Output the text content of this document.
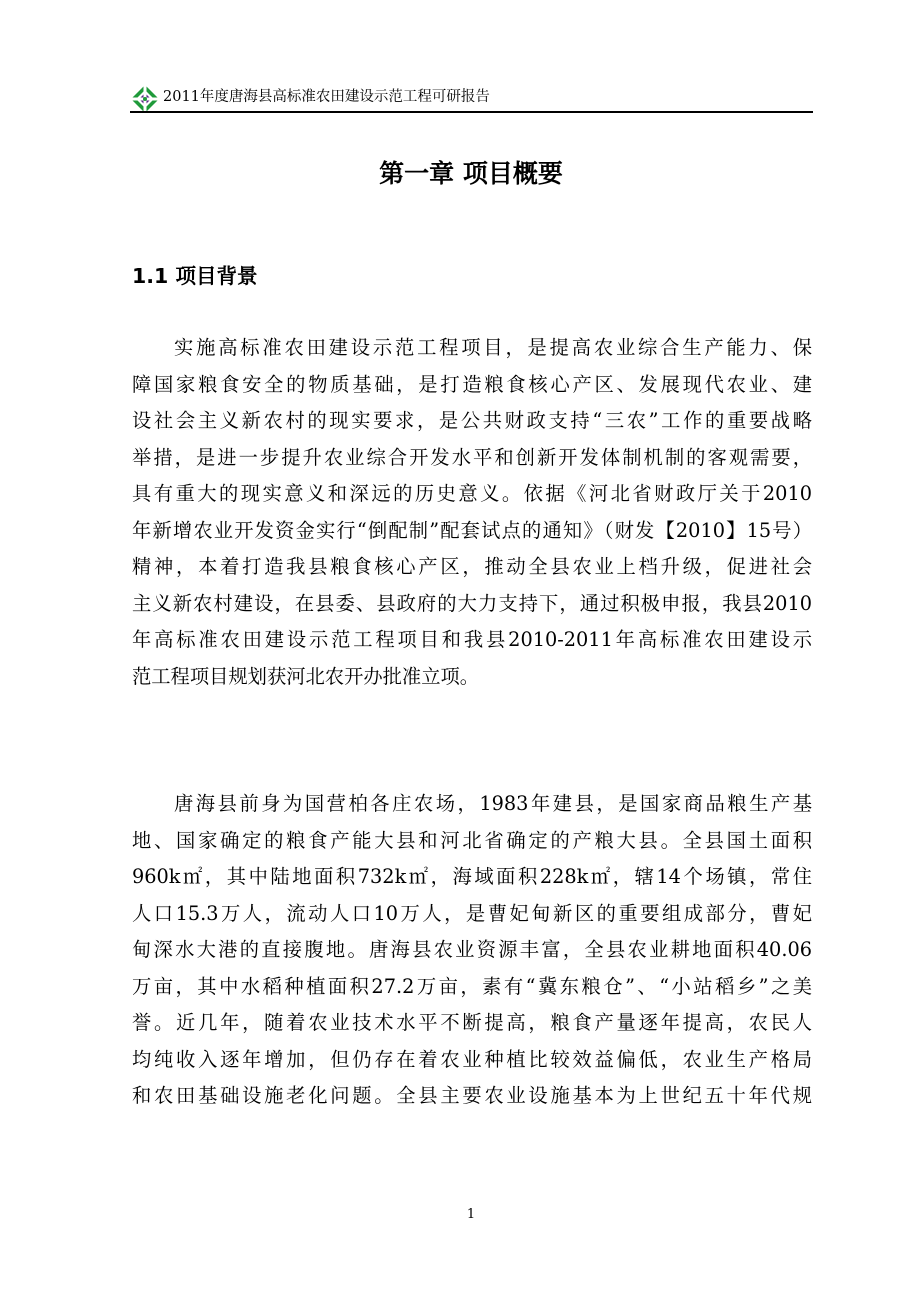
2011年度唐海县高标准农田建设示范工程可研报告
第一章 项目概要
1.1 项目背景
实施高标准农田建设示范工程项目，是提高农业综合生产能力、保
障国家粮食安全的物质基础，是打造粮食核心产区、发展现代农业、建
设社会主义新农村的现实要求，是公共财政支持“三农”工作的重要战略
举措，是进一步提升农业综合开发水平和创新开发体制机制的客观需要，
具有重大的现实意义和深远的历史意义。依据《河北省财政厅关于2010
年新增农业开发资金实行“倒配制”配套试点的通知》（财发【2010】15号）
精神，本着打造我县粮食核心产区，推动全县农业上档升级，促进社会
主义新农村建设，在县委、县政府的大力支持下，通过积极申报，我县2010
年高标准农田建设示范工程项目和我县2010-2011年高标准农田建设示
范工程项目规划获河北农开办批准立项。
唐海县前身为国营柏各庄农场，1983年建县，是国家商品粮生产基
地、国家确定的粮食产能大县和河北省确定的产粮大县。全县国土面积
960k㎡，其中陆地面积732k㎡，海域面积228k㎡，辖14个场镇，常住
人口15.3万人，流动人口10万人，是曹妃甸新区的重要组成部分，曹妃
甸深水大港的直接腹地。唐海县农业资源丰富，全县农业耕地面积40.06
万亩，其中水稻种植面积27.2万亩，素有“冀东粮仓”、“小站稻乡”之美
誉。近几年，随着农业技术水平不断提高，粮食产量逐年提高，农民人
均纯收入逐年增加，但仍存在着农业种植比较效益偏低，农业生产格局
和农田基础设施老化问题。全县主要农业设施基本为上世纪五十年代规
1
